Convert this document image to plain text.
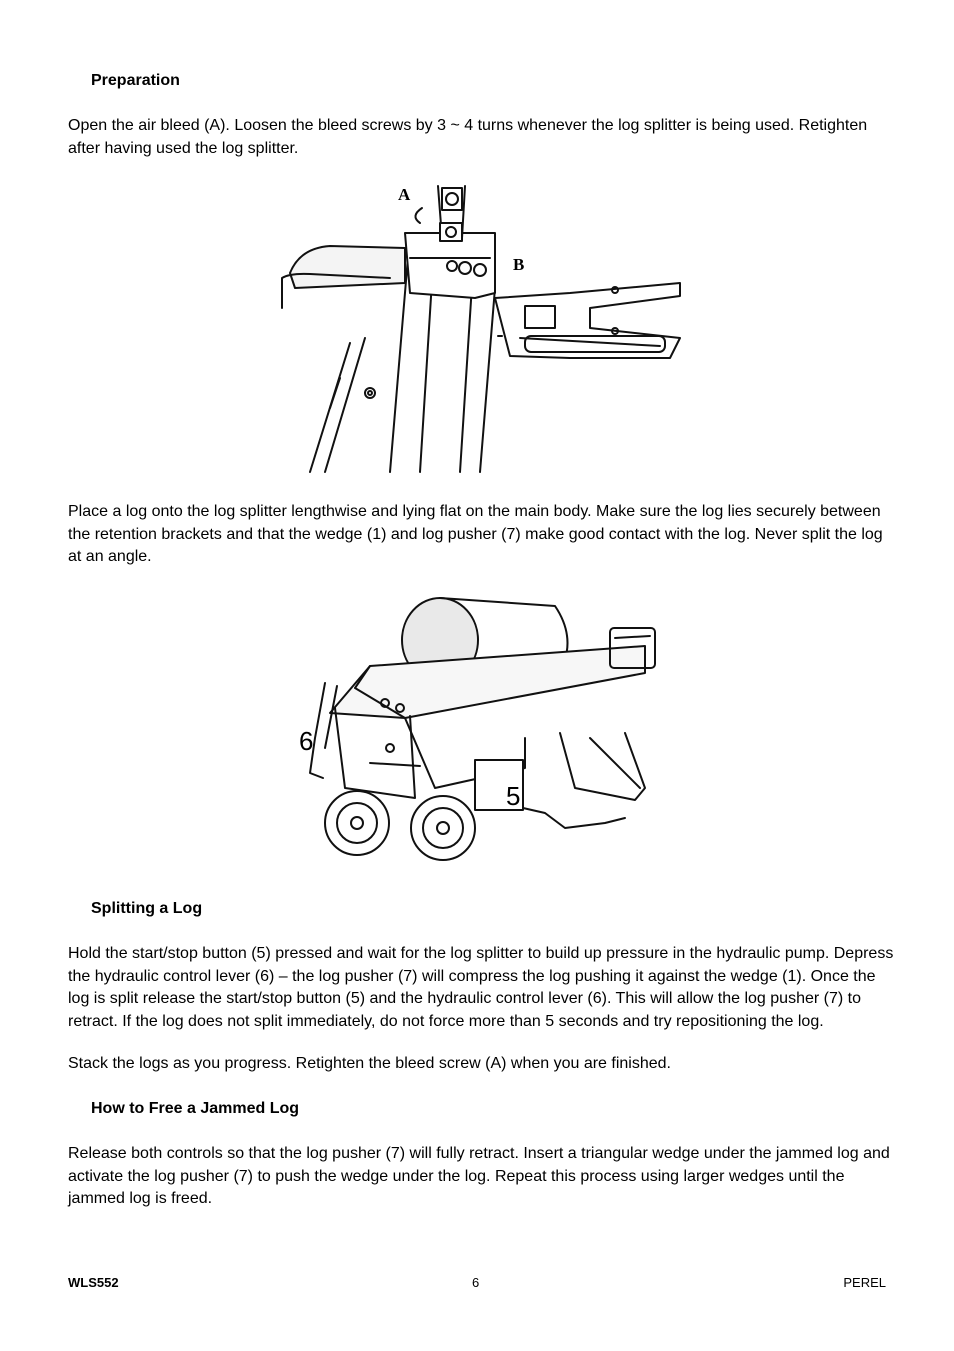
Preparation
Open the air bleed (A). Loosen the bleed screws by 3 ~ 4 turns whenever the log splitter is being used. Retighten after having used the log splitter.
A
B
Place a log onto the log splitter lengthwise and lying flat on the main body. Make sure the log lies securely between the retention brackets and that the wedge (1) and log pusher (7) make good contact with the log. Never split the log at an angle.
6
5
Splitting a Log
Hold the start/stop button (5) pressed and wait for the log splitter to build up pressure in the hydraulic pump. Depress the hydraulic control lever (6) – the log pusher (7) will compress the log pushing it against the wedge (1). Once the log is split release the start/stop button (5) and the hydraulic control lever (6). This will allow the log pusher (7) to retract. If the log does not split immediately, do not force more than 5 seconds and try repositioning the log.
Stack the logs as you progress. Retighten the bleed screw (A) when you are finished.
How to Free a Jammed Log
Release both controls so that the log pusher (7) will fully retract. Insert a triangular wedge under the jammed log and activate the log pusher (7) to push the wedge under the log. Repeat this process using larger wedges until the jammed log is freed.
WLS552	6	PEREL
